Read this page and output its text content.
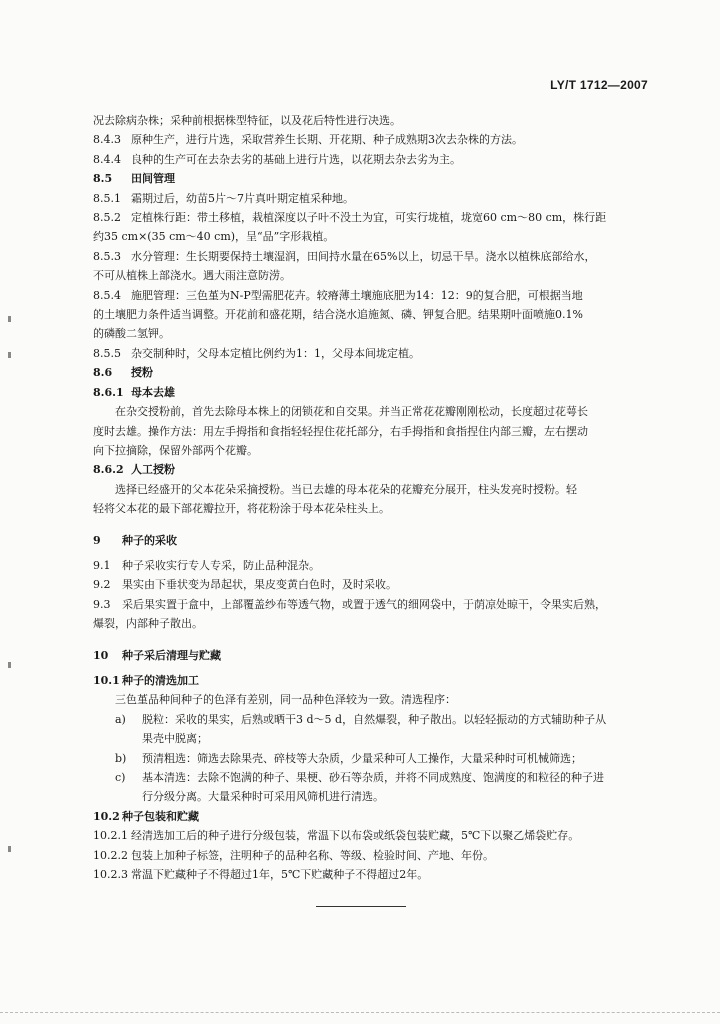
LY/T 1712—2007
况去除病杂株；采种前根据株型特征，以及花后特性进行决选。
8.4.3 原种生产，进行片选，采取营养生长期、开花期、种子成熟期3次去杂株的方法。
8.4.4 良种的生产可在去杂去劣的基础上进行片选，以花期去杂去劣为主。
8.5 田间管理
8.5.1 霜期过后，幼苗5片～7片真叶期定植采种地。
8.5.2 定植株行距：带土移植，栽植深度以子叶不没土为宜，可实行垅植，垅宽60 cm～80 cm，株行距
约35 cm×(35 cm～40 cm)，呈“品”字形栽植。
8.5.3 水分管理：生长期要保持土壤湿润，田间持水量在65%以上，切忌干旱。浇水以植株底部给水，
不可从植株上部浇水。遇大雨注意防涝。
8.5.4 施肥管理：三色堇为N-P型需肥花卉。较瘠薄土壤施底肥为14：12：9的复合肥，可根据当地
的土壤肥力条件适当调整。开花前和盛花期，结合浇水追施氮、磷、钾复合肥。结果期叶面喷施0.1%
的磷酸二氢钾。
8.5.5 杂交制种时，父母本定植比例约为1：1，父母本间垅定植。
8.6 授粉
8.6.1 母本去雄
在杂交授粉前，首先去除母本株上的闭锁花和自交果。并当正常花花瓣刚刚松动，长度超过花萼长
度时去雄。操作方法：用左手拇指和食指轻轻捏住花托部分，右手拇指和食指捏住内部三瓣，左右摆动
向下拉摘除，保留外部两个花瓣。
8.6.2 人工授粉
选择已经盛开的父本花朵采摘授粉。当已去雄的母本花朵的花瓣充分展开，柱头发亮时授粉。轻
轻将父本花的最下部花瓣拉开，将花粉涂于母本花朵柱头上。
9 种子的采收
9.1 种子采收实行专人专采，防止品种混杂。
9.2 果实由下垂状变为昂起状，果皮变黄白色时，及时采收。
9.3 采后果实置于盒中，上部覆盖纱布等透气物，或置于透气的细网袋中，于荫凉处晾干，令果实后熟，
爆裂，内部种子散出。
10 种子采后清理与贮藏
10.1 种子的清选加工
三色堇品种间种子的色泽有差别，同一品种色泽较为一致。清选程序：
a) 脱粒：采收的果实，后熟或晒干3 d～5 d，自然爆裂，种子散出。以轻轻振动的方式辅助种子从
果壳中脱离；
b) 预清粗选：筛选去除果壳、碎枝等大杂质，少量采种可人工操作，大量采种时可机械筛选；
c) 基本清选：去除不饱满的种子、果梗、砂石等杂质，并将不同成熟度、饱满度的和粒径的种子进
行分级分离。大量采种时可采用风筛机进行清选。
10.2 种子包装和贮藏
10.2.1 经清选加工后的种子进行分级包装，常温下以布袋或纸袋包装贮藏，5℃下以聚乙烯袋贮存。
10.2.2 包装上加种子标签，注明种子的品种名称、等级、检验时间、产地、年份。
10.2.3 常温下贮藏种子不得超过1年，5℃下贮藏种子不得超过2年。
